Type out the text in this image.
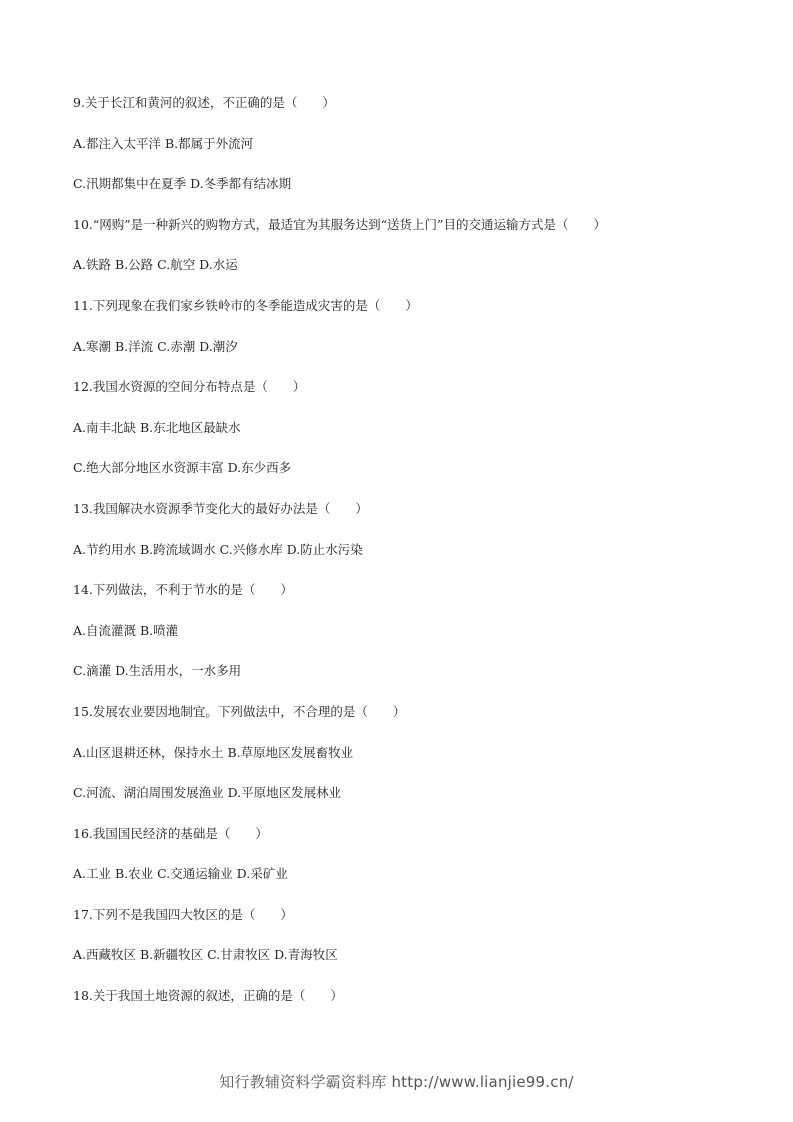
9.关于长江和黄河的叙述，不正确的是（　　）
A.都注入太平洋 B.都属于外流河
C.汛期都集中在夏季 D.冬季都有结冰期
10.“网购”是一种新兴的购物方式，最适宜为其服务达到“送货上门”目的交通运输方式是（　　）
A.铁路 B.公路 C.航空 D.水运
11.下列现象在我们家乡铁岭市的冬季能造成灾害的是（　　）
A.寒潮 B.洋流 C.赤潮 D.潮汐
12.我国水资源的空间分布特点是（　　）
A.南丰北缺 B.东北地区最缺水
C.绝大部分地区水资源丰富 D.东少西多
13.我国解决水资源季节变化大的最好办法是（　　）
A.节约用水 B.跨流域调水 C.兴修水库 D.防止水污染
14.下列做法，不利于节水的是（　　）
A.自流灌溉 B.喷灌
C.滴灌 D.生活用水，一水多用
15.发展农业要因地制宜。下列做法中，不合理的是（　　）
A.山区退耕还林，保持水土 B.草原地区发展畜牧业
C.河流、湖泊周围发展渔业 D.平原地区发展林业
16.我国国民经济的基础是（　　）
A.工业 B.农业 C.交通运输业 D.采矿业
17.下列不是我国四大牧区的是（　　）
A.西藏牧区 B.新疆牧区 C.甘肃牧区 D.青海牧区
18.关于我国土地资源的叙述，正确的是（　　）
知行教辅资料学霸资料库 http://www.lianjie99.cn/
